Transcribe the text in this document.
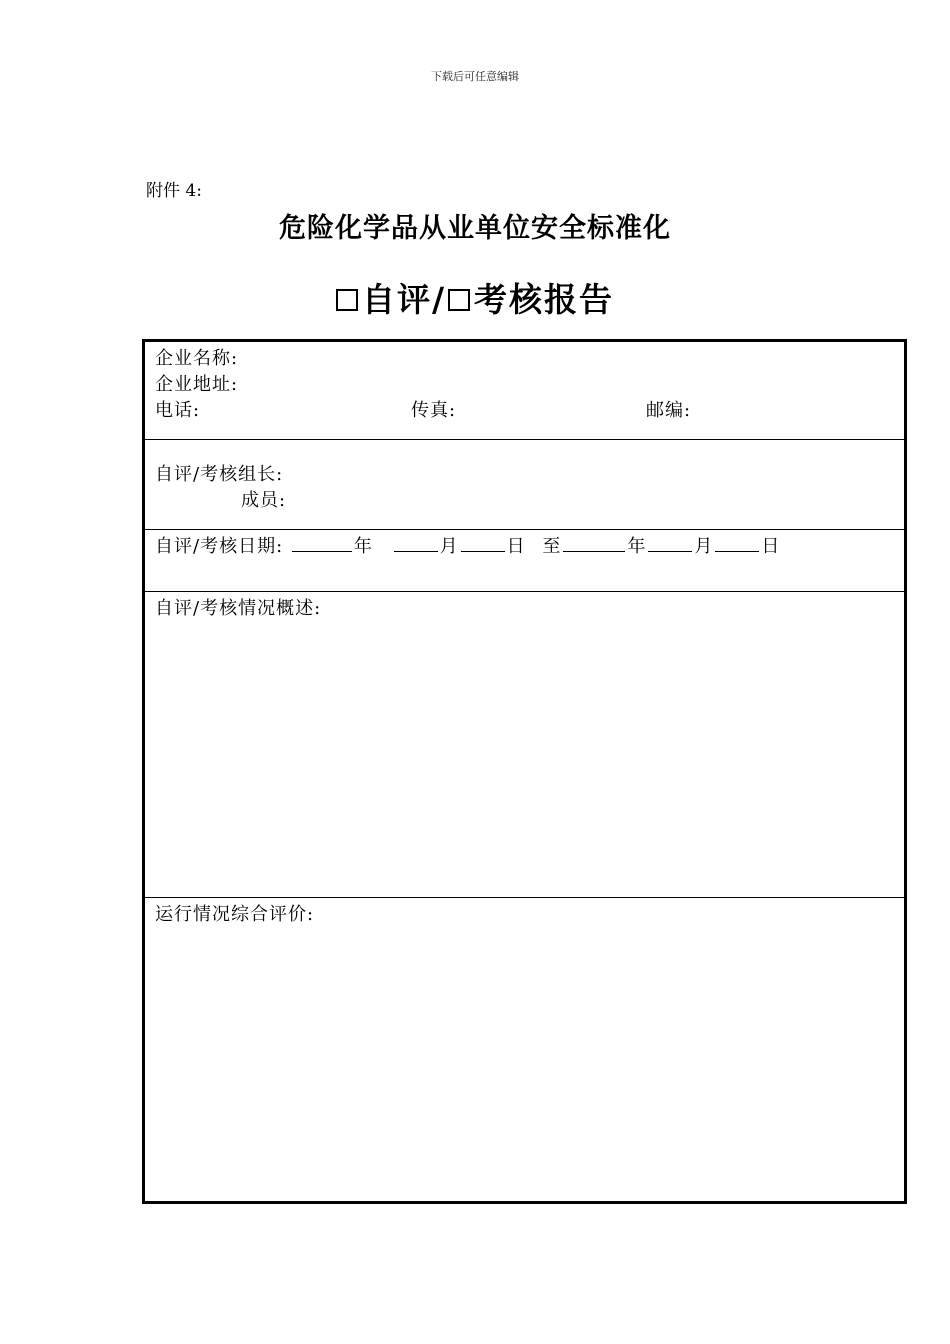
下载后可任意编辑
附件 4:
危险化学品从业单位安全标准化
自评/ 考核报告
企业名称:
企业地址:
电话:	传真:	邮编:
自评/考核组长:
成员:
自评/考核日期:	年	月	日 至	年	月	日
自评/考核情况概述:
运行情况综合评价:
